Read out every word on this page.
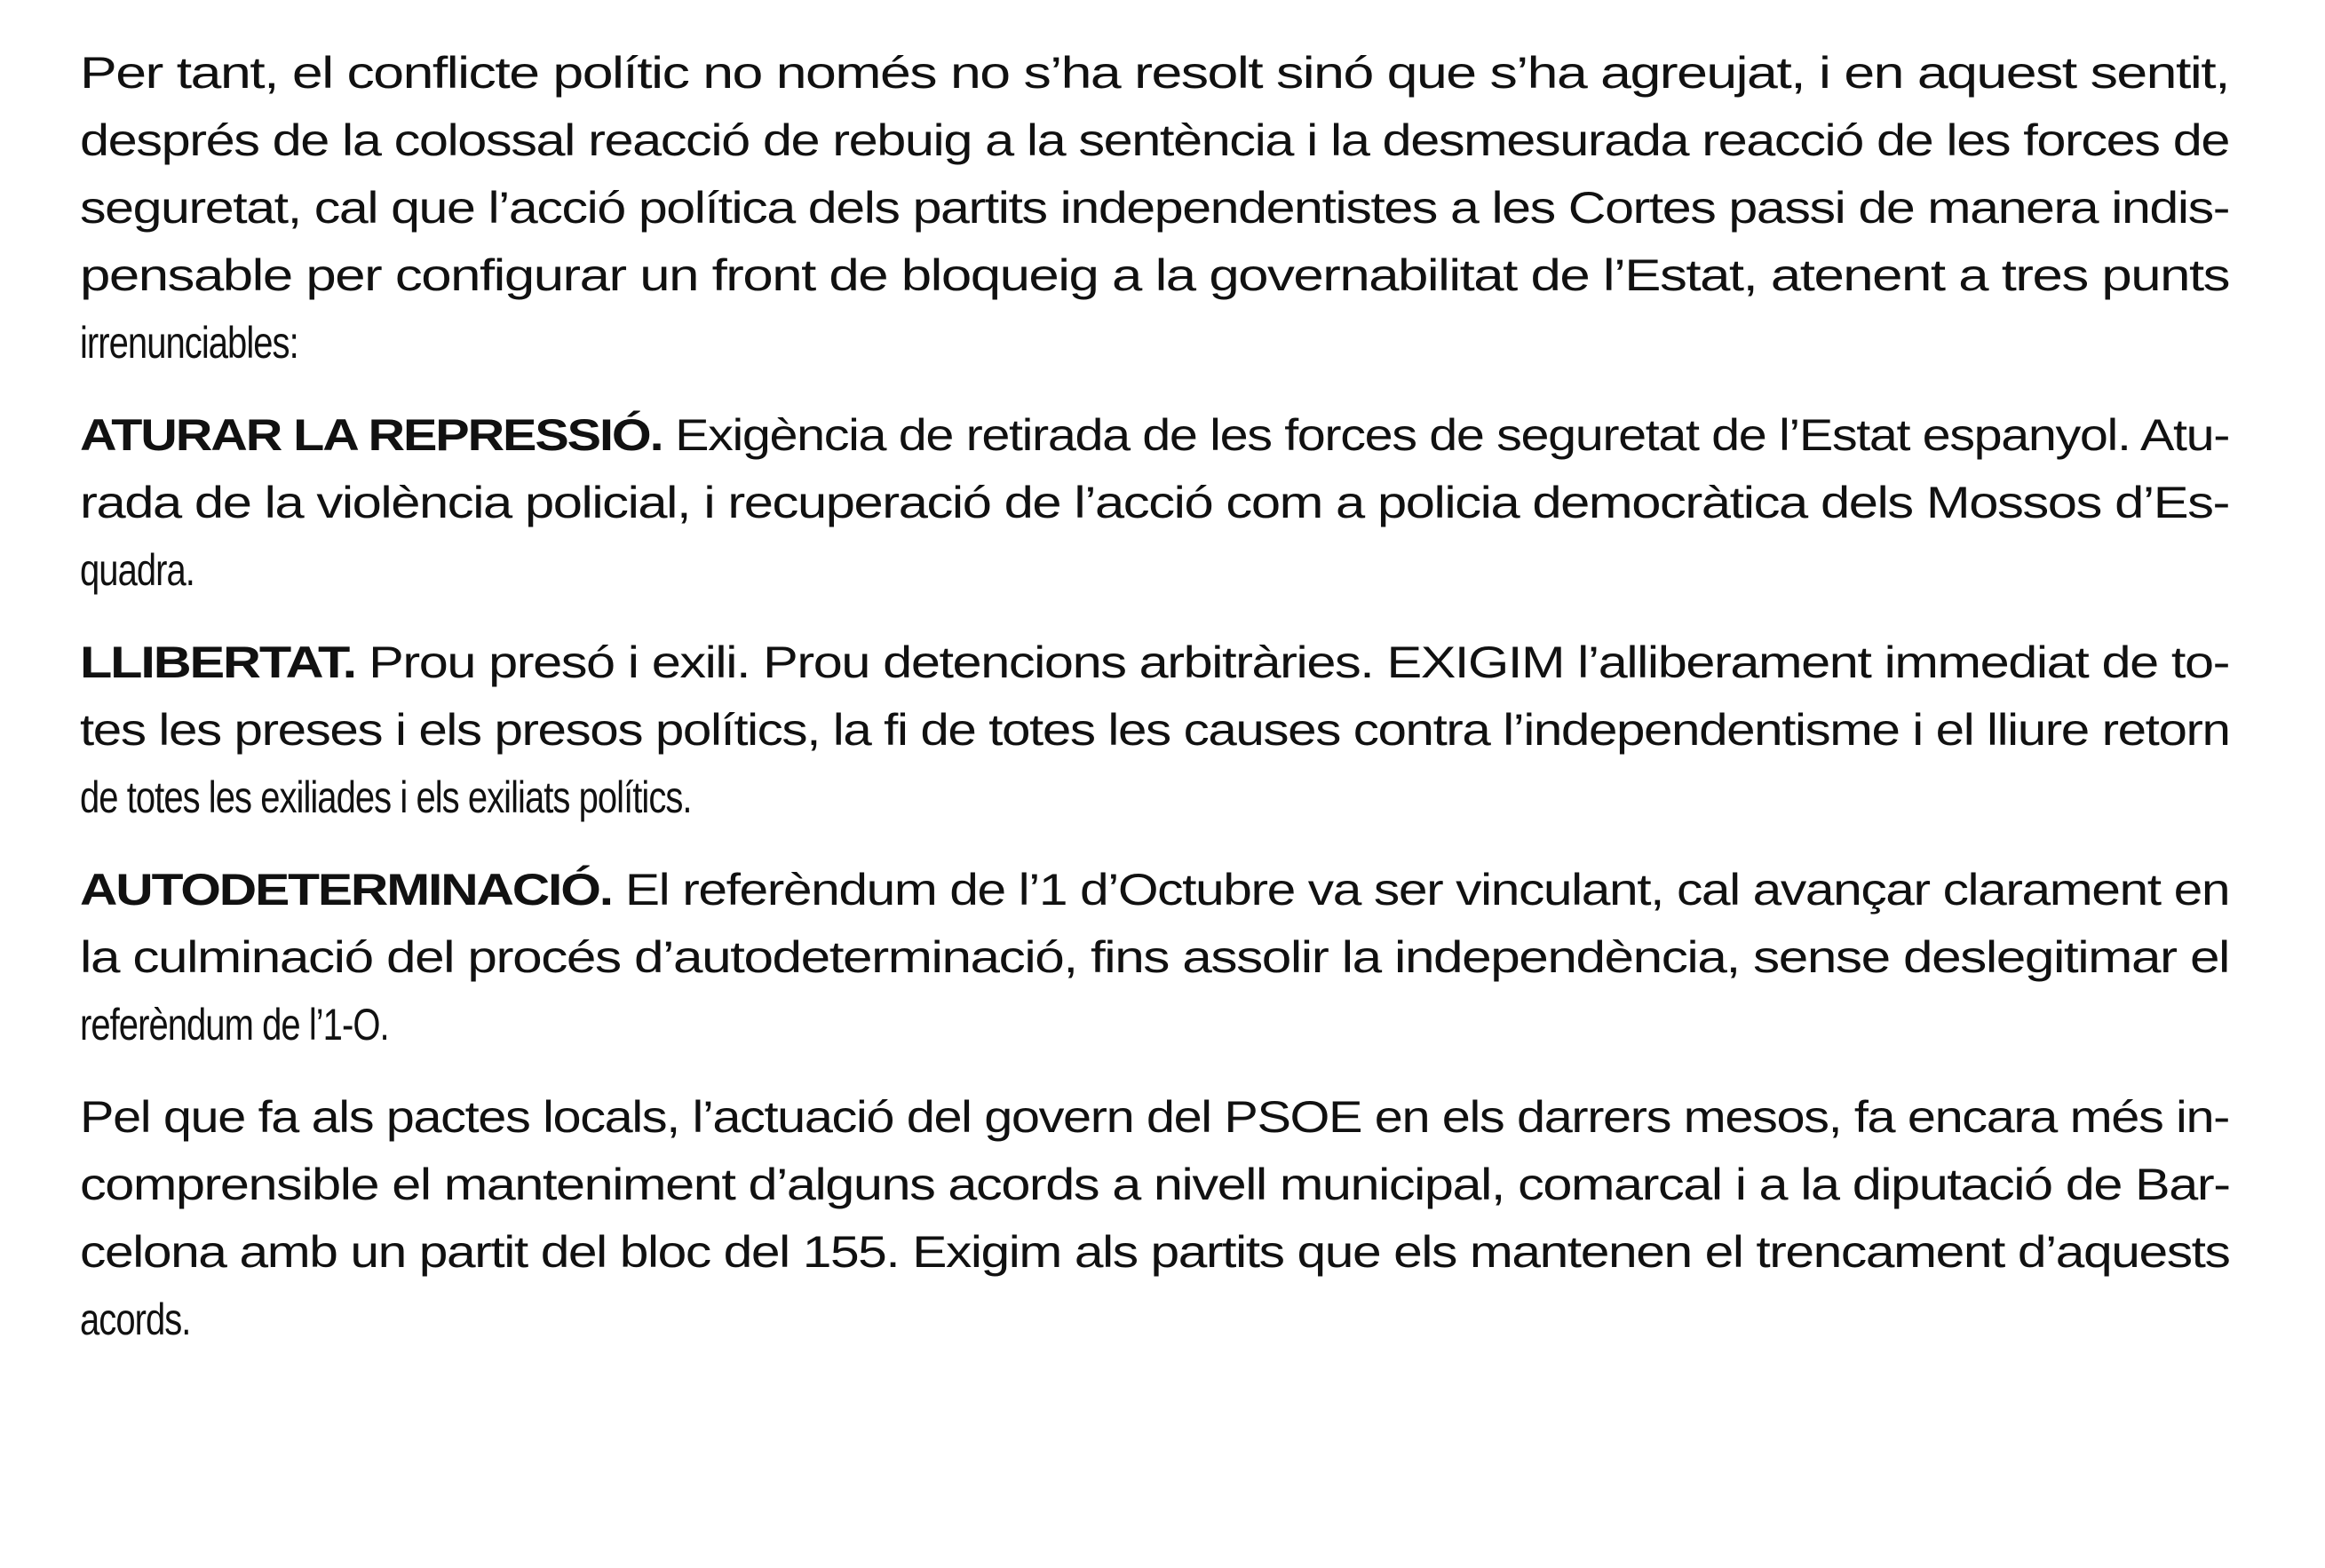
Per tant, el conflicte polític no només no s’ha resolt sinó que s’ha agreujat, i en aquest sentit,
després de la colossal reacció de rebuig a la sentència i la desmesurada reacció de les forces de
seguretat, cal que l’acció política dels partits independentistes a les Cortes passi de manera indis-
pensable per configurar un front de bloqueig a la governabilitat de l’Estat, atenent a tres punts
irrenunciables:
ATURAR LA REPRESSIÓ. Exigència de retirada de les forces de seguretat de l’Estat espanyol. Atu-
rada de la violència policial, i recuperació de l’acció com a policia democràtica dels Mossos d’Es-
quadra.
LLIBERTAT. Prou presó i exili. Prou detencions arbitràries. EXIGIM l’alliberament immediat de to-
tes les preses i els presos polítics, la fi de totes les causes contra l’independentisme i el lliure retorn
de totes les exiliades i els exiliats polítics.
AUTODETERMINACIÓ. El referèndum de l’1 d’Octubre va ser vinculant, cal avançar clarament en
la culminació del procés d’autodeterminació, fins assolir la independència, sense deslegitimar el
referèndum de l’1-O.
Pel que fa als pactes locals, l’actuació del govern del PSOE en els darrers mesos, fa encara més in-
comprensible el manteniment d’alguns acords a nivell municipal, comarcal i a la diputació de Bar-
celona amb un partit del bloc del 155. Exigim als partits que els mantenen el trencament d’aquests
acords.
